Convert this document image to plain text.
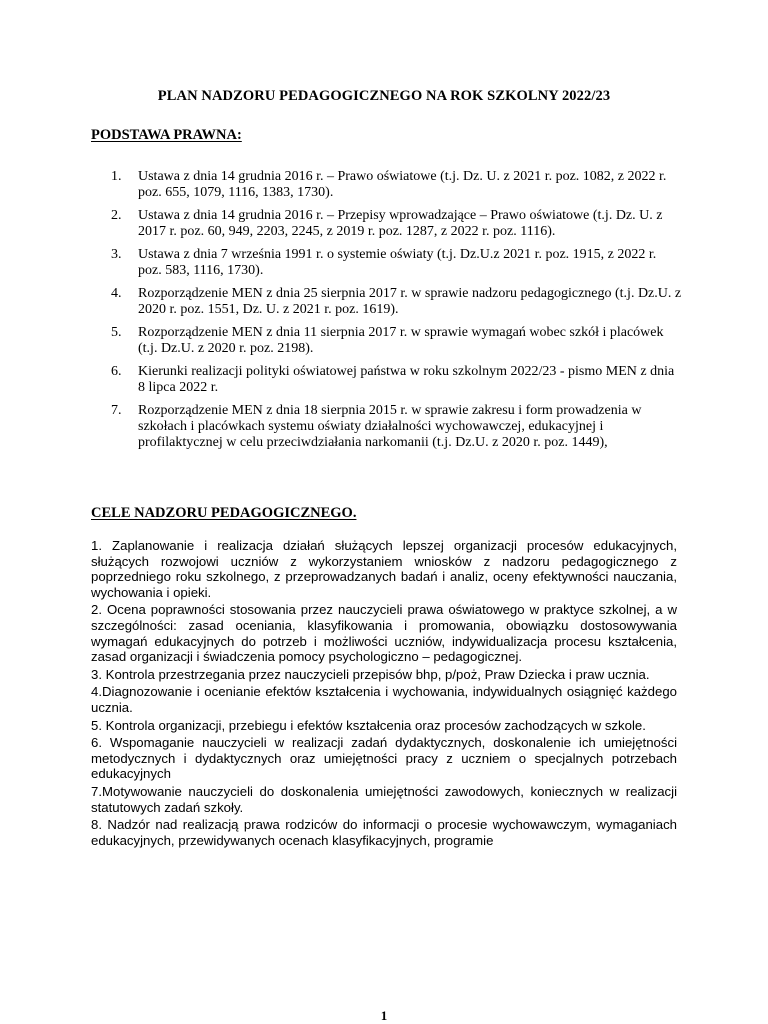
PLAN NADZORU PEDAGOGICZNEGO NA ROK SZKOLNY 2022/23
PODSTAWA PRAWNA:
1. Ustawa z dnia 14 grudnia 2016 r. – Prawo oświatowe (t.j. Dz. U. z 2021 r. poz. 1082, z 2022 r. poz. 655, 1079, 1116, 1383, 1730).
2. Ustawa z dnia 14 grudnia 2016 r. – Przepisy wprowadzające – Prawo oświatowe (t.j. Dz. U. z 2017 r. poz. 60, 949, 2203, 2245, z 2019 r. poz. 1287, z 2022 r. poz. 1116).
3. Ustawa z dnia 7 września 1991 r. o systemie oświaty (t.j. Dz.U.z 2021 r. poz. 1915, z 2022 r. poz. 583, 1116, 1730).
4. Rozporządzenie MEN z dnia 25 sierpnia 2017 r. w sprawie nadzoru pedagogicznego (t.j. Dz.U. z 2020 r. poz. 1551, Dz. U. z 2021 r. poz. 1619).
5. Rozporządzenie MEN z dnia 11 sierpnia 2017 r. w sprawie wymagań wobec szkół i placówek (t.j. Dz.U. z 2020 r. poz. 2198).
6. Kierunki realizacji polityki oświatowej państwa w roku szkolnym 2022/23 - pismo MEN z dnia 8 lipca 2022 r.
7. Rozporządzenie MEN z dnia 18 sierpnia 2015 r. w sprawie zakresu i form prowadzenia w szkołach i placówkach systemu oświaty działalności wychowawczej, edukacyjnej i profilaktycznej w celu przeciwdziałania narkomanii (t.j. Dz.U. z 2020 r. poz. 1449),
CELE NADZORU PEDAGOGICZNEGO.

1. Zaplanowanie i realizacja działań służących lepszej organizacji procesów edukacyjnych, służących rozwojowi uczniów z wykorzystaniem wniosków z nadzoru pedagogicznego z poprzedniego roku szkolnego, z przeprowadzanych badań i analiz, oceny efektywności nauczania, wychowania i opieki.

2. Ocena poprawności stosowania przez nauczycieli prawa oświatowego w praktyce szkolnej, a w szczególności: zasad oceniania, klasyfikowania i promowania, obowiązku dostosowywania wymagań edukacyjnych do potrzeb i możliwości uczniów, indywidualizacja procesu kształcenia, zasad organizacji i świadczenia pomocy psychologiczno – pedagogicznej.

3. Kontrola przestrzegania przez nauczycieli przepisów bhp, p/poż, Praw Dziecka i praw ucznia.

4.Diagnozowanie i ocenianie efektów kształcenia i wychowania, indywidualnych osiągnięć każdego ucznia.

5. Kontrola organizacji, przebiegu i efektów kształcenia oraz procesów zachodzących w szkole.

6. Wspomaganie nauczycieli w realizacji zadań dydaktycznych, doskonalenie ich umiejętności metodycznych i dydaktycznych oraz umiejętności pracy z uczniem o specjalnych potrzebach edukacyjnych

7.Motywowanie nauczycieli do doskonalenia umiejętności zawodowych, koniecznych w realizacji statutowych zadań szkoły.

8. Nadzór nad realizacją prawa rodziców do informacji o procesie wychowawczym, wymaganiach edukacyjnych, przewidywanych ocenach klasyfikacyjnych, programie

1
